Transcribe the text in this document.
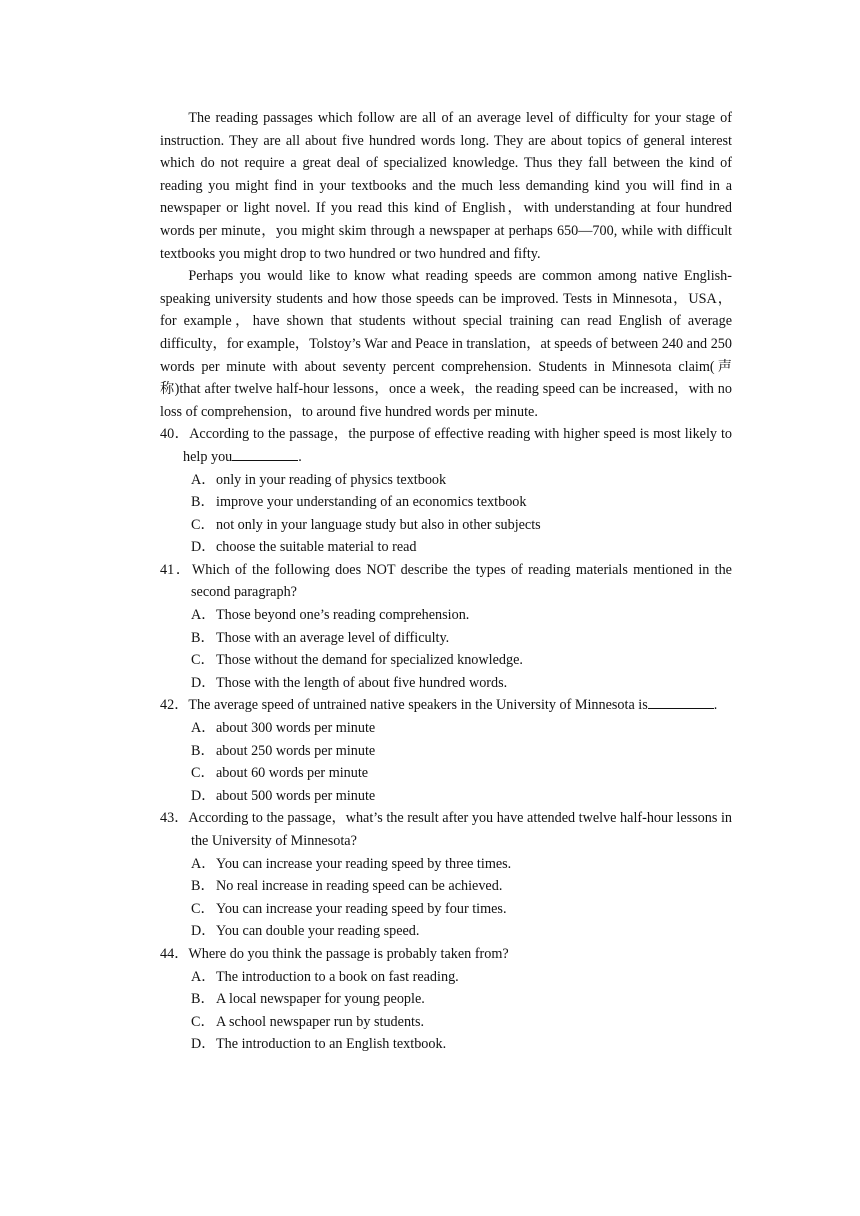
The reading passages which follow are all of an average level of difficulty for your stage of instruction. They are all about five hundred words long. They are about topics of general interest which do not require a great deal of specialized knowledge. Thus they fall between the kind of reading you might find in your textbooks and the much less demanding kind you will find in a newspaper or light novel. If you read this kind of English，with understanding at four hundred words per minute，you might skim through a newspaper at perhaps 650—700, while with difficult textbooks you might drop to two hundred or two hundred and fifty.

Perhaps you would like to know what reading speeds are common among native English-speaking university students and how those speeds can be improved. Tests in Minnesota，USA，for example，have shown that students without special training can read English of average difficulty，for example，Tolstoy’s War and Peace in translation，at speeds of between 240 and 250 words per minute with about seventy percent comprehension. Students in Minnesota claim(声称)that after twelve half-hour lessons，once a week，the reading speed can be increased，with no loss of comprehension，to around five hundred words per minute.

40．According to the passage，the purpose of effective reading with higher speed is most likely to help you	.
A．only in your reading of physics textbook
B．improve your understanding of an economics textbook
C．not only in your language study but also in other subjects
D．choose the suitable material to read
41．Which of the following does NOT describe the types of reading materials mentioned in the second paragraph?
A．Those beyond one’s reading comprehension.
B．Those with an average level of difficulty.
C．Those without the demand for specialized knowledge.
D．Those with the length of about five hundred words.
42．The average speed of untrained native speakers in the University of Minnesota is	.
A．about 300 words per minute
B．about 250 words per minute
C．about 60 words per minute
D．about 500 words per minute
43．According to the passage，what’s the result after you have attended twelve half-hour lessons in the University of Minnesota?
A．You can increase your reading speed by three times.
B．No real increase in reading speed can be achieved.
C．You can increase your reading speed by four times.
D．You can double your reading speed.
44．Where do you think the passage is probably taken from?
A．The introduction to a book on fast reading.
B．A local newspaper for young people.
C．A school newspaper run by students.
D．The introduction to an English textbook.
